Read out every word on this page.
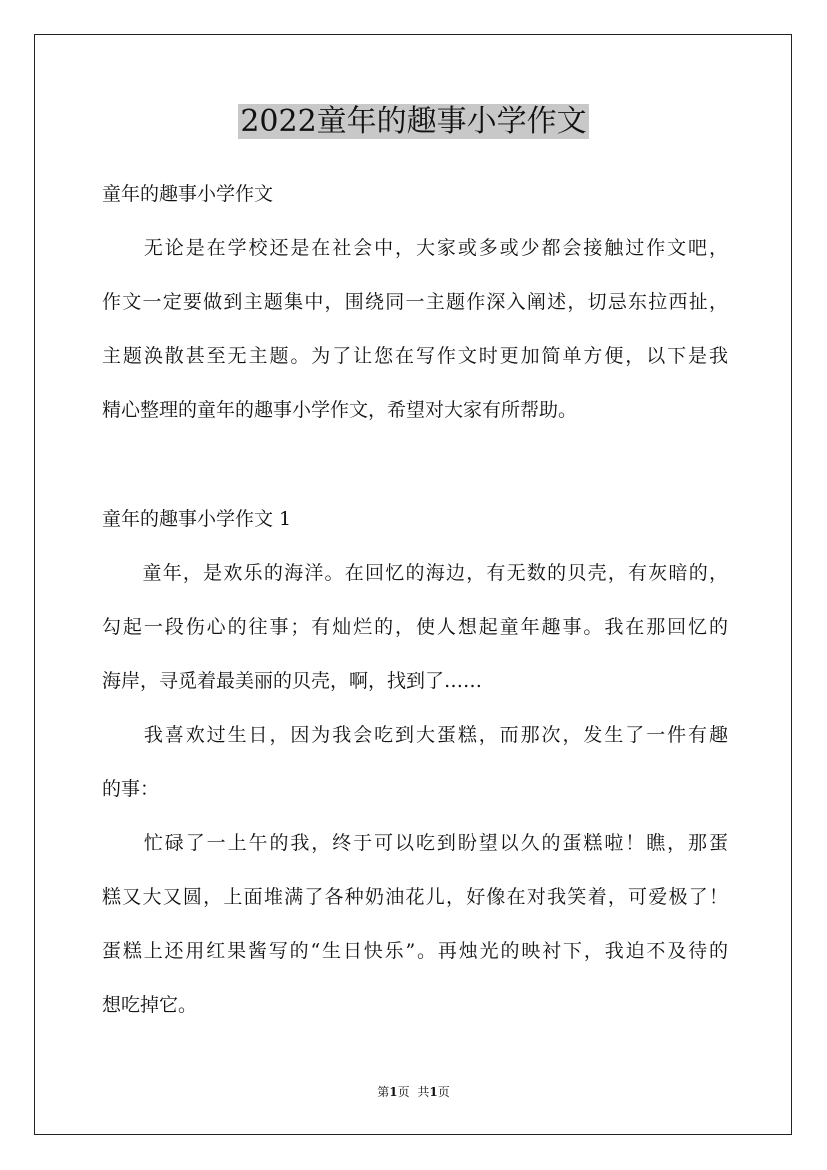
2022童年的趣事小学作文
童年的趣事小学作文
　　无论是在学校还是在社会中，大家或多或少都会接触过作文吧，
作文一定要做到主题集中，围绕同一主题作深入阐述，切忌东拉西扯，
主题涣散甚至无主题。为了让您在写作文时更加简单方便，以下是我
精心整理的童年的趣事小学作文，希望对大家有所帮助。
童年的趣事小学作文 1
　　童年，是欢乐的海洋。在回忆的海边，有无数的贝壳，有灰暗的，
勾起一段伤心的往事；有灿烂的，使人想起童年趣事。我在那回忆的
海岸，寻觅着最美丽的贝壳，啊，找到了……
　　我喜欢过生日，因为我会吃到大蛋糕，而那次，发生了一件有趣
的事：
　　忙碌了一上午的我，终于可以吃到盼望以久的蛋糕啦！瞧，那蛋
糕又大又圆，上面堆满了各种奶油花儿，好像在对我笑着，可爱极了！
蛋糕上还用红果酱写的“生日快乐”。再烛光的映衬下，我迫不及待的
想吃掉它。
第1页 共1页
